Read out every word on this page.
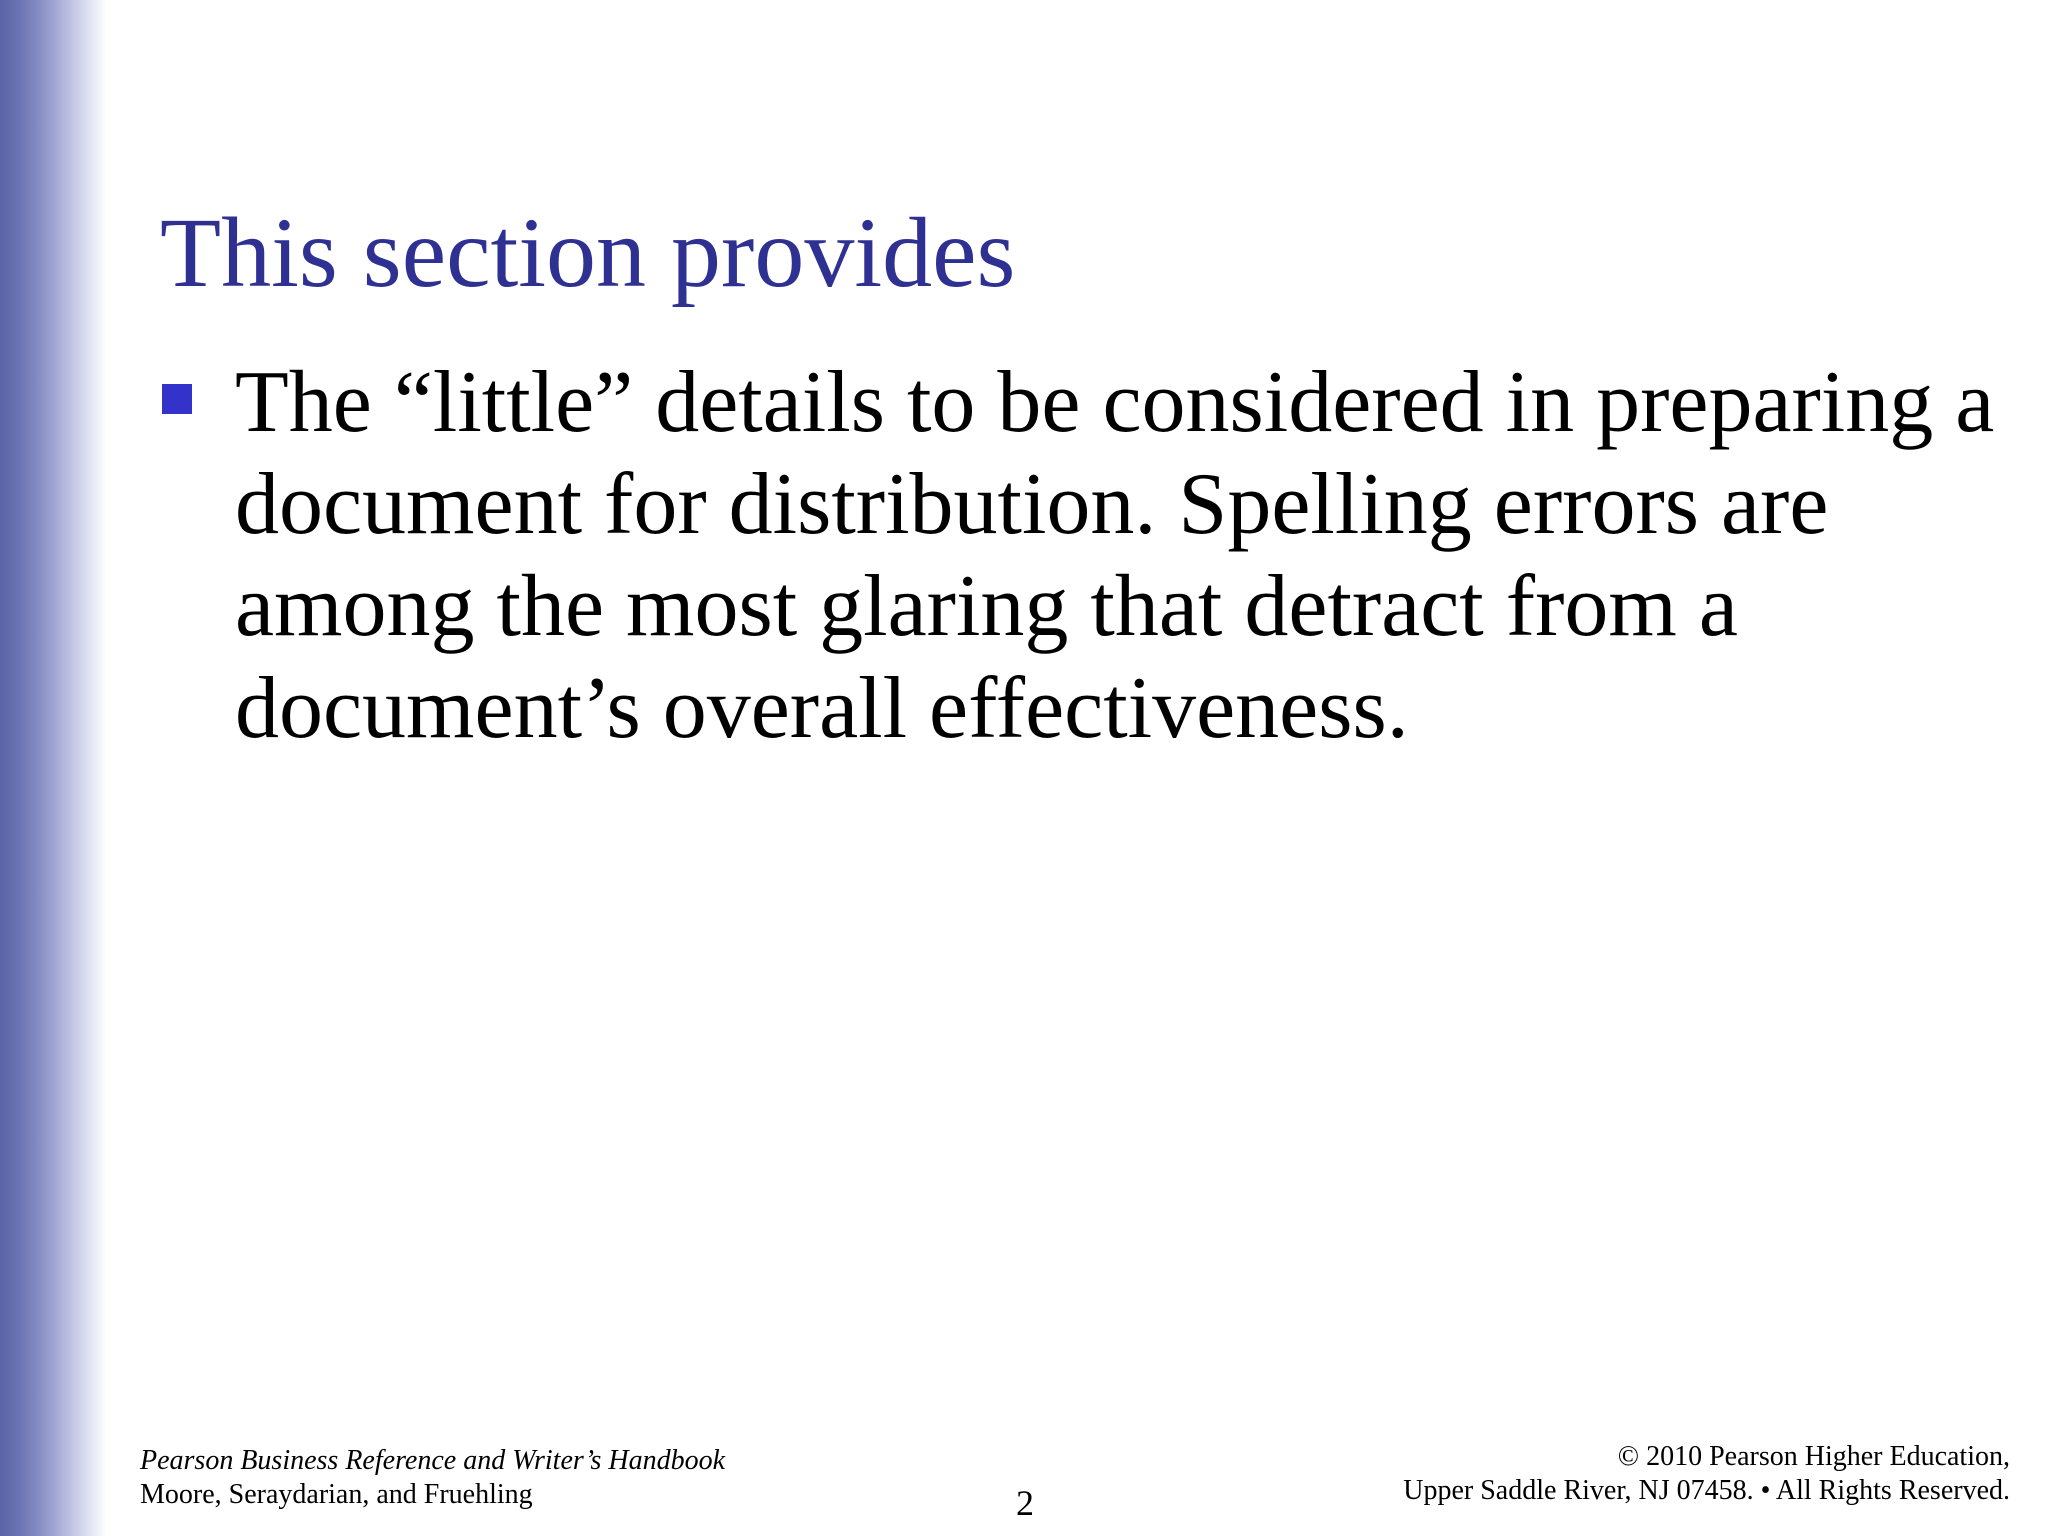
This section provides
The “little” details to be considered in preparing a document for distribution. Spelling errors are among the most glaring that detract from a document’s overall effectiveness.
Pearson Business Reference and Writer’s Handbook
Moore, Seraydarian, and Fruehling	2
© 2010 Pearson Higher Education,
Upper Saddle River, NJ 07458. • All Rights Reserved.
